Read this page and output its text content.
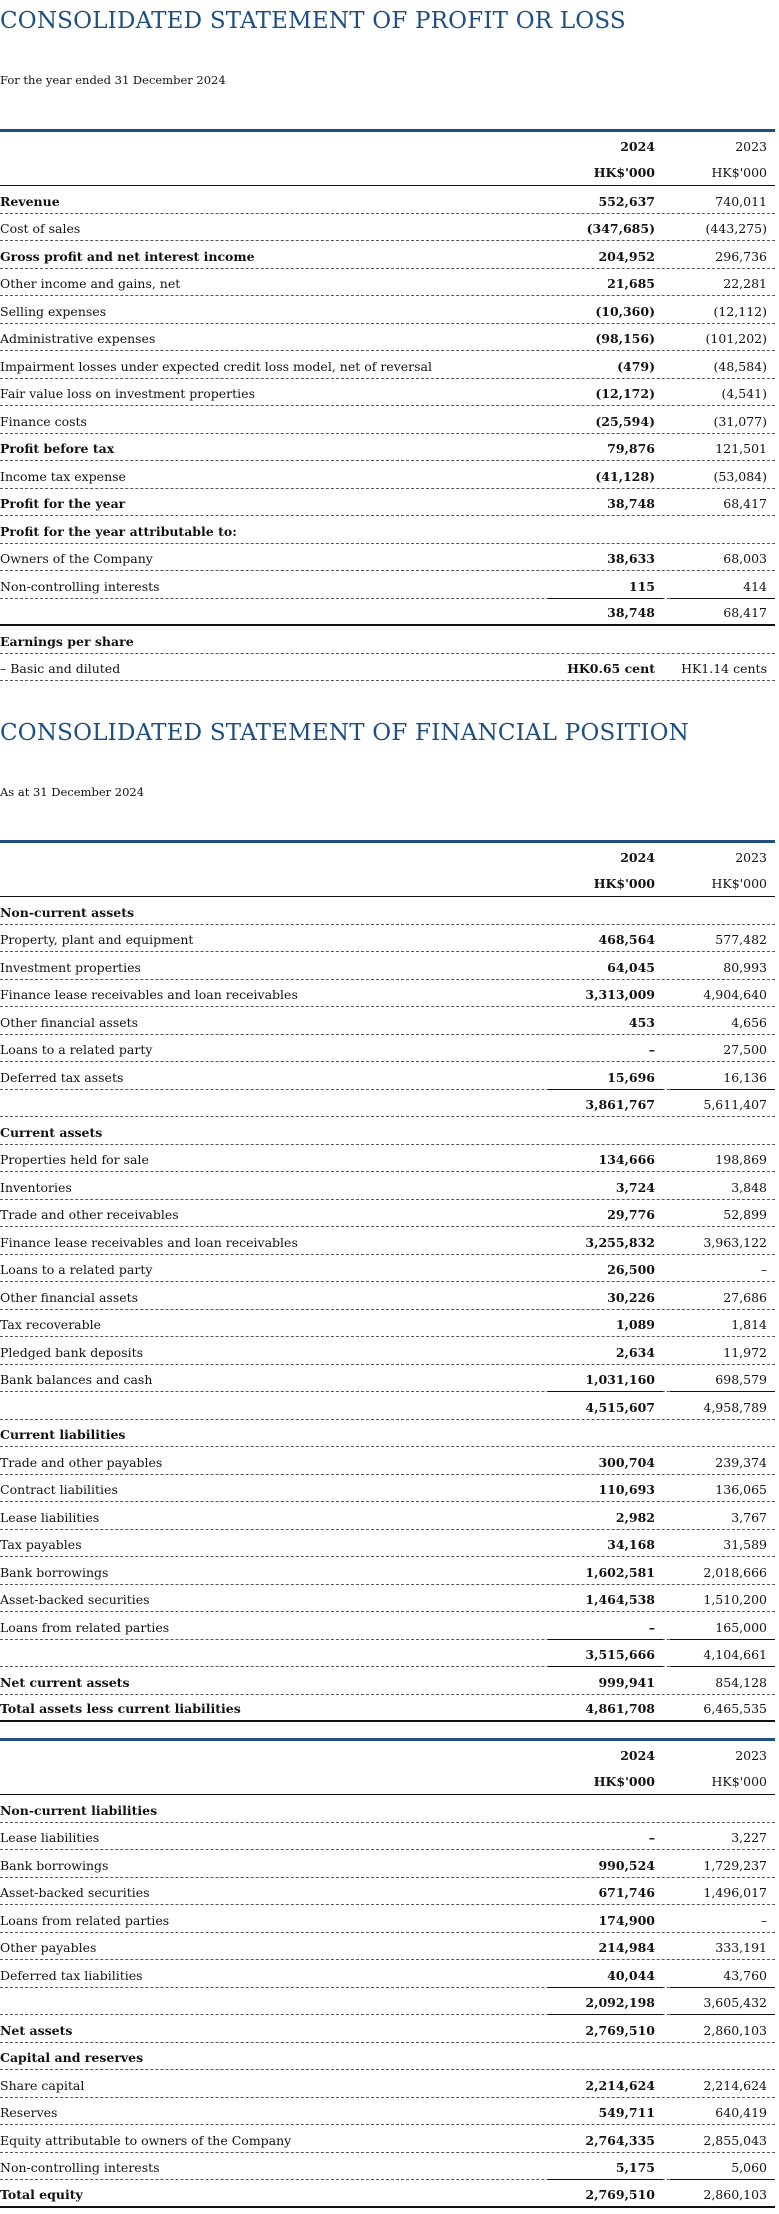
CONSOLIDATED STATEMENT OF PROFIT OR LOSS
For the year ended 31 December 2024
2024	2023
HK$'000	HK$'000
Revenue	552,637	740,011
Cost of sales	(347,685)	(443,275)
Gross profit and net interest income	204,952	296,736
Other income and gains, net	21,685	22,281
Selling expenses	(10,360)	(12,112)
Administrative expenses	(98,156)	(101,202)
Impairment losses under expected credit loss model, net of reversal	(479)	(48,584)
Fair value loss on investment properties	(12,172)	(4,541)
Finance costs	(25,594)	(31,077)
Profit before tax	79,876	121,501
Income tax expense	(41,128)	(53,084)
Profit for the year	38,748	68,417
Profit for the year attributable to:
Owners of the Company	38,633	68,003
Non-controlling interests	115	414
38,748	68,417
Earnings per share
– Basic and diluted	HK0.65 cent HK1.14 cents
CONSOLIDATED STATEMENT OF FINANCIAL POSITION
As at 31 December 2024
2024	2023
HK$'000	HK$'000
Non-current assets
Property, plant and equipment	468,564	577,482
Investment properties	64,045	80,993
Finance lease receivables and loan receivables	3,313,009	4,904,640
Other financial assets	453	4,656
Loans to a related party	–	27,500
Deferred tax assets	15,696	16,136
3,861,767	5,611,407
Current assets
Properties held for sale	134,666	198,869
Inventories	3,724	3,848
Trade and other receivables	29,776	52,899
Finance lease receivables and loan receivables	3,255,832	3,963,122
Loans to a related party	26,500	–
Other financial assets	30,226	27,686
Tax recoverable	1,089	1,814
Pledged bank deposits	2,634	11,972
Bank balances and cash	1,031,160	698,579
4,515,607	4,958,789
Current liabilities
Trade and other payables	300,704	239,374
Contract liabilities	110,693	136,065
Lease liabilities	2,982	3,767
Tax payables	34,168	31,589
Bank borrowings	1,602,581	2,018,666
Asset-backed securities	1,464,538	1,510,200
Loans from related parties	–	165,000
3,515,666	4,104,661
Net current assets	999,941	854,128
Total assets less current liabilities	4,861,708	6,465,535
2024	2023
HK$'000	HK$'000
Non-current liabilities
Lease liabilities	–	3,227
Bank borrowings	990,524	1,729,237
Asset-backed securities	671,746	1,496,017
Loans from related parties	174,900	–
Other payables	214,984	333,191
Deferred tax liabilities	40,044	43,760
2,092,198	3,605,432
Net assets	2,769,510	2,860,103
Capital and reserves
Share capital	2,214,624	2,214,624
Reserves	549,711	640,419
Equity attributable to owners of the Company	2,764,335	2,855,043
Non-controlling interests	5,175	5,060
Total equity	2,769,510	2,860,103
